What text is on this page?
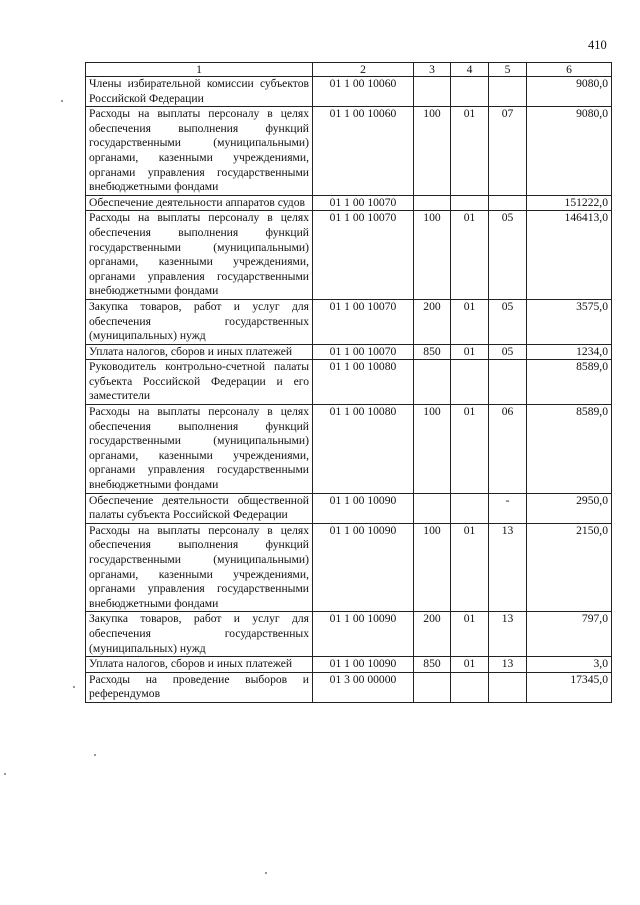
410
1	2	3	4	5	6
Члены избирательной комиссии субъектов Российской Федерации	01 1 00 10060				9080,0
Расходы на выплаты персоналу в целях обеспечения выполнения функций государственными (муниципальными) органами, казенными учреждениями, органами управления государственными внебюджетными фондами	01 1 00 10060	100	01	07	9080,0
Обеспечение деятельности аппаратов судов	01 1 00 10070				151222,0
Расходы на выплаты персоналу в целях обеспечения выполнения функций государственными (муниципальными) органами, казенными учреждениями, органами управления государственными внебюджетными фондами	01 1 00 10070	100	01	05	146413,0
Закупка товаров, работ и услуг для обеспечения государственных (муниципальных) нужд	01 1 00 10070	200	01	05	3575,0
Уплата налогов, сборов и иных платежей	01 1 00 10070	850	01	05	1234,0
Руководитель контрольно-счетной палаты субъекта Российской Федерации и его заместители	01 1 00 10080				8589,0
Расходы на выплаты персоналу в целях обеспечения выполнения функций государственными (муниципальными) органами, казенными учреждениями, органами управления государственными внебюджетными фондами	01 1 00 10080	100	01	06	8589,0
Обеспечение деятельности общественной палаты субъекта Российской Федерации	01 1 00 10090			-	2950,0
Расходы на выплаты персоналу в целях обеспечения выполнения функций государственными (муниципальными) органами, казенными учреждениями, органами управления государственными внебюджетными фондами	01 1 00 10090	100	01	13	2150,0
Закупка товаров, работ и услуг для обеспечения государственных (муниципальных) нужд	01 1 00 10090	200	01	13	797,0
Уплата налогов, сборов и иных платежей	01 1 00 10090	850	01	13	3,0
Расходы на проведение выборов и референдумов	01 3 00 00000				17345,0
